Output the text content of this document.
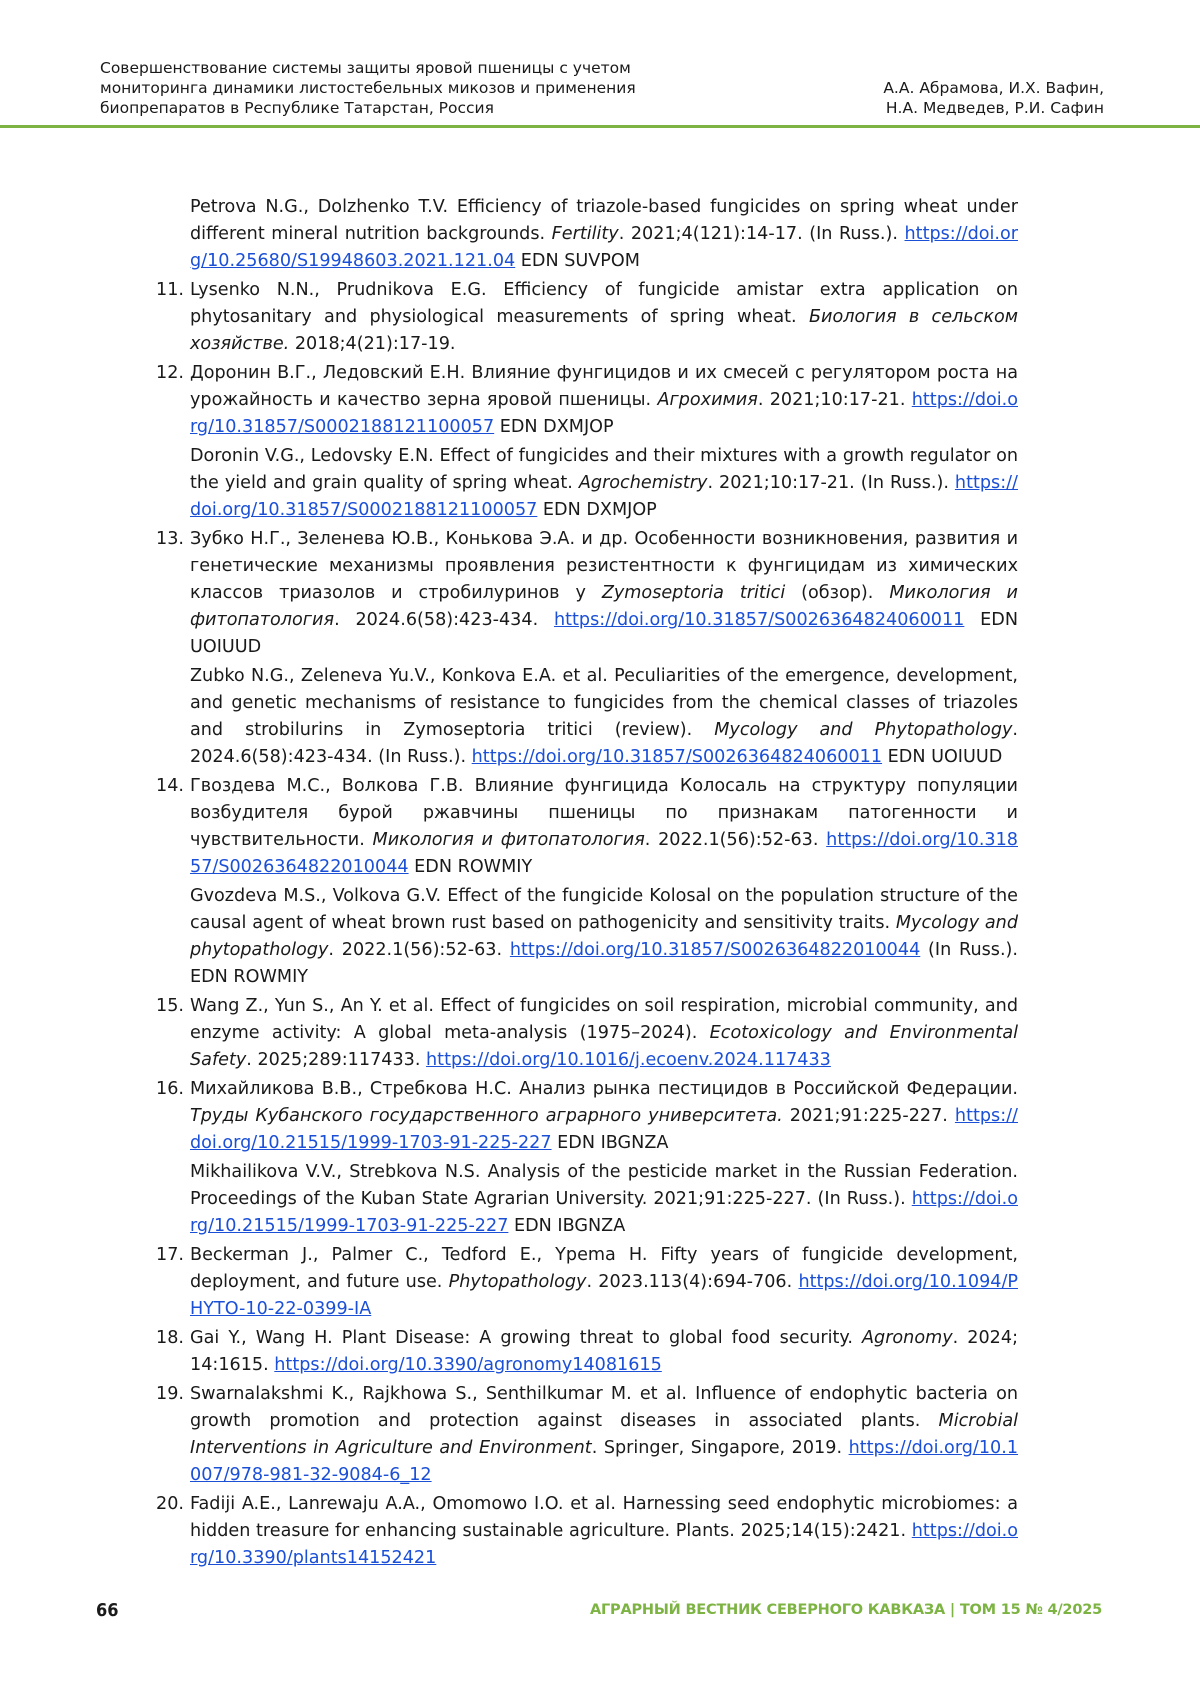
Совершенствование системы защиты яровой пшеницы с учетом
мониторинга динамики листостебельных микозов и применения
биопрепаратов в Республике Татарстан, Россия
А.А. Абрамова, И.Х. Вафин,
Н.А. Медведев, Р.И. Сафин
Petrova N.G., Dolzhenko T.V. Efficiency of triazole-based fungicides on spring wheat under different mineral nutrition backgrounds. Fertility. 2021;4(121):14-17. (In Russ.). https://doi.org/10.25680/S19948603.2021.121.04 EDN SUVPOM
11. Lysenko N.N., Prudnikova E.G. Efficiency of fungicide amistar extra application on phytosanitary and physiological measurements of spring wheat. Биология в сельском хозяйстве. 2018;4(21):17-19.
12. Доронин В.Г., Ледовский Е.Н. Влияние фунгицидов и их смесей с регулятором роста на урожайность и качество зерна яровой пшеницы. Агрохимия. 2021;10:17-21. https://doi.org/10.31857/S0002188121100057 EDN DXMJOP
Doronin V.G., Ledovsky E.N. Effect of fungicides and their mixtures with a growth regulator on the yield and grain quality of spring wheat. Agrochemistry. 2021;10:17-21. (In Russ.). https://doi.org/10.31857/S0002188121100057 EDN DXMJOP
13. Зубко Н.Г., Зеленева Ю.В., Конькова Э.А. и др. Особенности возникновения, развития и генетические механизмы проявления резистентности к фунгицидам из химических классов триазолов и стробилуринов у Zymoseptoria tritici (обзор). Микология и фитопатология. 2024.6(58):423-434. https://doi.org/10.31857/S0026364824060011 EDN UOIUUD
Zubko N.G., Zeleneva Yu.V., Konkova E.A. et al. Peculiarities of the emergence, development, and genetic mechanisms of resistance to fungicides from the chemical classes of triazoles and strobilurins in Zymoseptoria tritici (review). Mycology and Phytopathology. 2024.6(58):423-434. (In Russ.). https://doi.org/10.31857/S0026364824060011 EDN UOIUUD
14. Гвоздева М.С., Волкова Г.В. Влияние фунгицида Колосаль на структуру популяции возбудителя бурой ржавчины пшеницы по признакам патогенности и чувствительности. Микология и фитопатология. 2022.1(56):52-63. https://doi.org/10.31857/S0026364822010044 EDN ROWMIY
Gvozdeva M.S., Volkova G.V. Effect of the fungicide Kolosal on the population structure of the causal agent of wheat brown rust based on pathogenicity and sensitivity traits. Mycology and phytopathology. 2022.1(56):52-63. https://doi.org/10.31857/S0026364822010044 (In Russ.). EDN ROWMIY
15. Wang Z., Yun S., An Y. et al. Effect of fungicides on soil respiration, microbial community, and enzyme activity: A global meta-analysis (1975–2024). Ecotoxicology and Environmental Safety. 2025;289:117433. https://doi.org/10.1016/j.ecoenv.2024.117433
16. Михайликова В.В., Стребкова Н.С. Анализ рынка пестицидов в Российской Федерации. Труды Кубанского государственного аграрного университета. 2021;91:225-227. https://doi.org/10.21515/1999-1703-91-225-227 EDN IBGNZA
Mikhailikova V.V., Strebkova N.S. Analysis of the pesticide market in the Russian Federation. Proceedings of the Kuban State Agrarian University. 2021;91:225-227. (In Russ.). https://doi.org/10.21515/1999-1703-91-225-227 EDN IBGNZA
17. Beckerman J., Palmer C., Tedford E., Ypema H. Fifty years of fungicide development, deployment, and future use. Phytopathology. 2023.113(4):694-706. https://doi.org/10.1094/PHYTO-10-22-0399-IA
18. Gai Y., Wang H. Plant Disease: A growing threat to global food security. Agronomy. 2024; 14:1615. https://doi.org/10.3390/agronomy14081615
19. Swarnalakshmi K., Rajkhowa S., Senthilkumar M. et al. Influence of endophytic bacteria on growth promotion and protection against diseases in associated plants. Microbial Interventions in Agriculture and Environment. Springer, Singapore, 2019. https://doi.org/10.1007/978-981-32-9084-6_12
20. Fadiji A.E., Lanrewaju A.A., Omomowo I.O. et al. Harnessing seed endophytic microbiomes: a hidden treasure for enhancing sustainable agriculture. Plants. 2025;14(15):2421. https://doi.org/10.3390/plants14152421
66	АГРАРНЫЙ ВЕСТНИК СЕВЕРНОГО КАВКАЗА | ТОМ 15 № 4/2025
